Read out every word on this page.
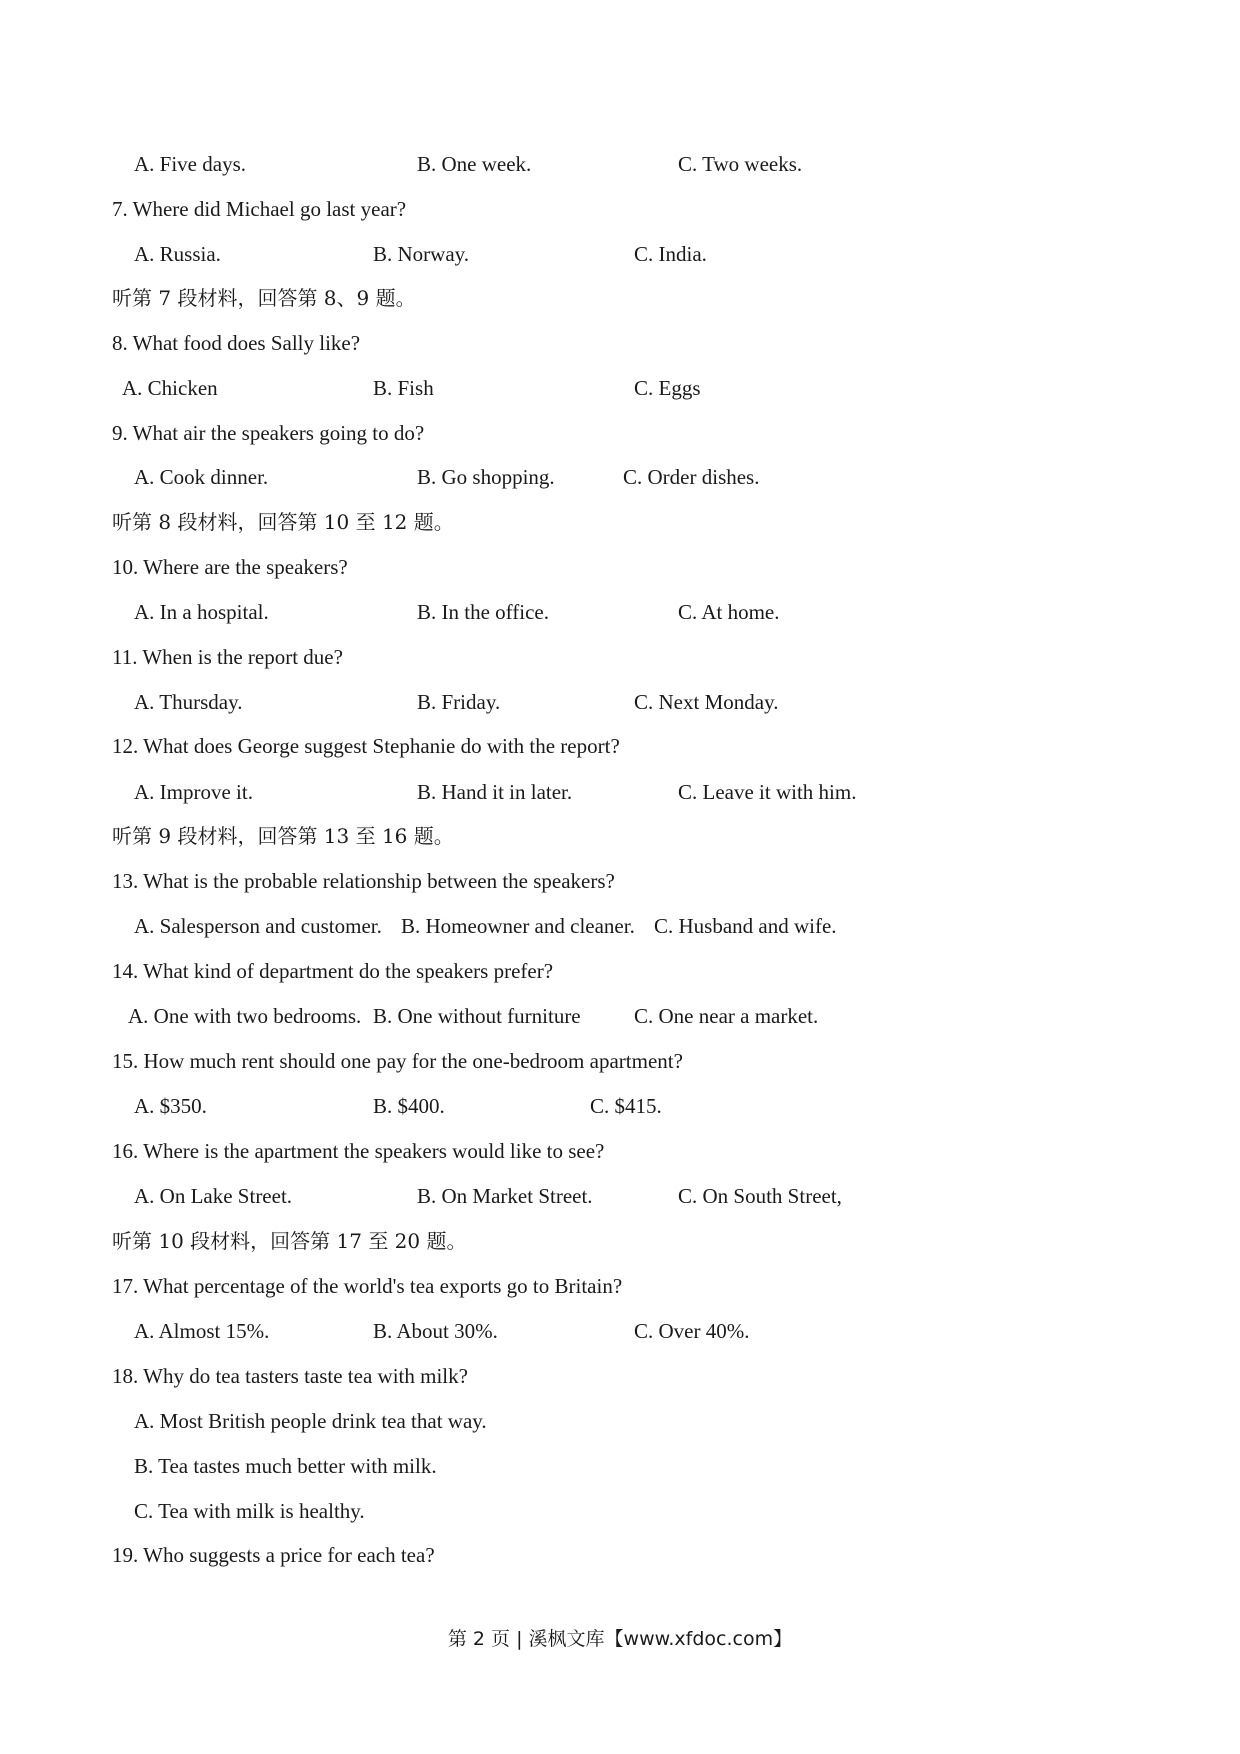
A. Five days.	B. One week.	C. Two weeks.
7. Where did Michael go last year?
A. Russia.	B. Norway.	C. India.
听第 7 段材料，回答第 8、9 题。
8. What food does Sally like?
A. Chicken	B. Fish	C. Eggs
9. What air the speakers going to do?
A. Cook dinner.	B. Go shopping.	C. Order dishes.
听第 8 段材料，回答第 10 至 12 题。
10. Where are the speakers?
A. In a hospital.	B. In the office.	C. At home.
11. When is the report due?
A. Thursday.	B. Friday.	C. Next Monday.
12. What does George suggest Stephanie do with the report?
A. Improve it.	B. Hand it in later.	C. Leave it with him.
听第 9 段材料，回答第 13 至 16 题。
13. What is the probable relationship between the speakers?
A. Salesperson and customer. B. Homeowner and cleaner. C. Husband and wife.
14. What kind of department do the speakers prefer?
A. One with two bedrooms. B. One without furniture	C. One near a market.
15. How much rent should one pay for the one-bedroom apartment?
A. $350.	B. $400.	C. $415.
16. Where is the apartment the speakers would like to see?
A. On Lake Street.	B. On Market Street.	C. On South Street,
听第 10 段材料，回答第 17 至 20 题。
17. What percentage of the world's tea exports go to Britain?
A. Almost 15%.	B. About 30%.	C. Over 40%.
18. Why do tea tasters taste tea with milk?
A. Most British people drink tea that way.
B. Tea tastes much better with milk.
C. Tea with milk is healthy.
19. Who suggests a price for each tea?
第 2 页 | 溪枫文库【www.xfdoc.com】
